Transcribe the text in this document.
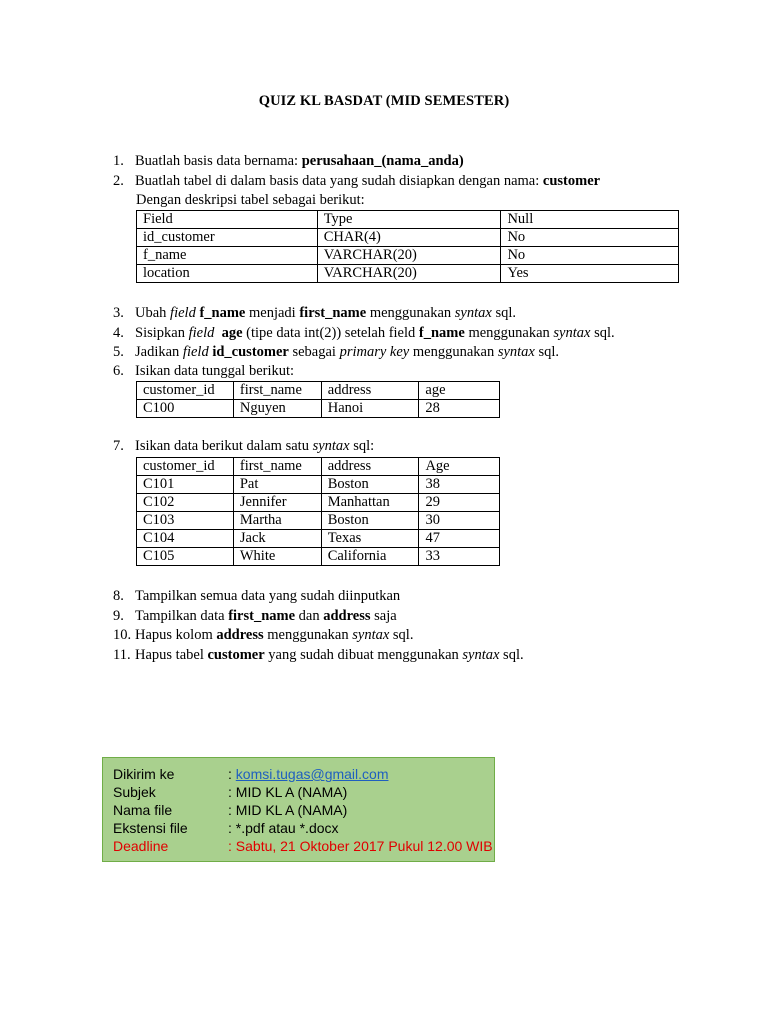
QUIZ KL BASDAT (MID SEMESTER)
1. Buatlah basis data bernama: perusahaan_(nama_anda)
2. Buatlah tabel di dalam basis data yang sudah disiapkan dengan nama: customer
Dengan deskripsi tabel sebagai berikut:
Field	Type	Null
id_customer	CHAR(4)	No
f_name	VARCHAR(20)	No
location	VARCHAR(20)	Yes
3. Ubah field f_name menjadi first_name menggunakan syntax sql.
4. Sisipkan field age (tipe data int(2)) setelah field f_name menggunakan syntax sql.
5. Jadikan field id_customer sebagai primary key menggunakan syntax sql.
6. Isikan data tunggal berikut:
customer_id	first_name	address	age
C100	Nguyen	Hanoi	28
7. Isikan data berikut dalam satu syntax sql:
customer_id	first_name	address	Age
C101	Pat	Boston	38
C102	Jennifer	Manhattan	29
C103	Martha	Boston	30
C104	Jack	Texas	47
C105	White	California	33
8. Tampilkan semua data yang sudah diinputkan
9. Tampilkan data first_name dan address saja
10. Hapus kolom address menggunakan syntax sql.
11. Hapus tabel customer yang sudah dibuat menggunakan syntax sql.
Dikirim ke	: komsi.tugas@gmail.com
Subjek	: MID KL A (NAMA)
Nama file	: MID KL A (NAMA)
Ekstensi file	: *.pdf atau *.docx
Deadline	: Sabtu, 21 Oktober 2017 Pukul 12.00 WIB
